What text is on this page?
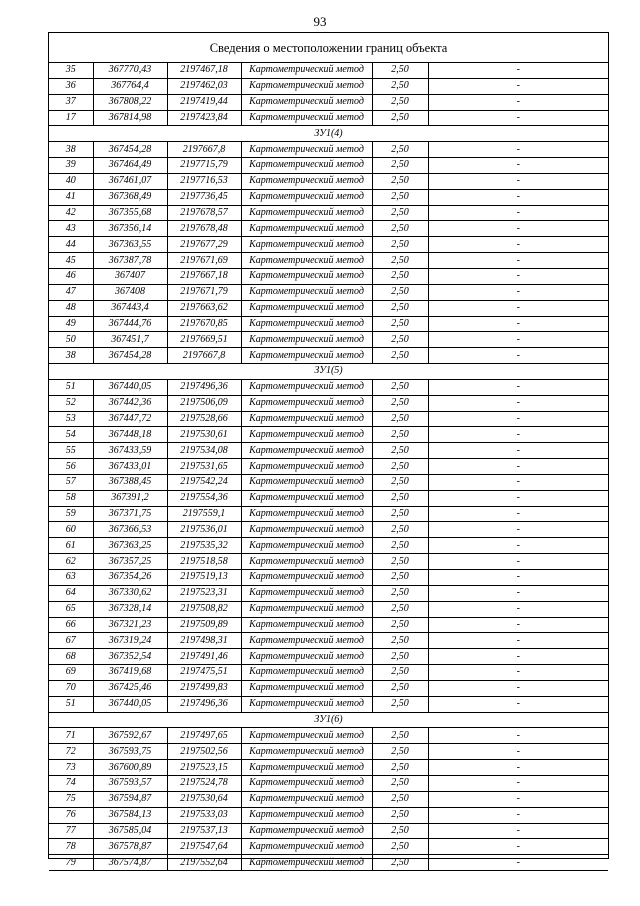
93
Сведения о местоположении границ объекта
35	367770,43	2197467,18	Картометрический метод	2,50	-
36	367764,4	2197462,03	Картометрический метод	2,50	-
37	367808,22	2197419,44	Картометрический метод	2,50	-
17	367814,98	2197423,84	Картометрический метод	2,50	-
ЗУ1(4)					
38	367454,28	2197667,8	Картометрический метод	2,50	-
39	367464,49	2197715,79	Картометрический метод	2,50	-
40	367461,07	2197716,53	Картометрический метод	2,50	-
41	367368,49	2197736,45	Картометрический метод	2,50	-
42	367355,68	2197678,57	Картометрический метод	2,50	-
43	367356,14	2197678,48	Картометрический метод	2,50	-
44	367363,55	2197677,29	Картометрический метод	2,50	-
45	367387,78	2197671,69	Картометрический метод	2,50	-
46	367407	2197667,18	Картометрический метод	2,50	-
47	367408	2197671,79	Картометрический метод	2,50	-
48	367443,4	2197663,62	Картометрический метод	2,50	-
49	367444,76	2197670,85	Картометрический метод	2,50	-
50	367451,7	2197669,51	Картометрический метод	2,50	-
38	367454,28	2197667,8	Картометрический метод	2,50	-
ЗУ1(5)					
51	367440,05	2197496,36	Картометрический метод	2,50	-
52	367442,36	2197506,09	Картометрический метод	2,50	-
53	367447,72	2197528,66	Картометрический метод	2,50	-
54	367448,18	2197530,61	Картометрический метод	2,50	-
55	367433,59	2197534,08	Картометрический метод	2,50	-
56	367433,01	2197531,65	Картометрический метод	2,50	-
57	367388,45	2197542,24	Картометрический метод	2,50	-
58	367391,2	2197554,36	Картометрический метод	2,50	-
59	367371,75	2197559,1	Картометрический метод	2,50	-
60	367366,53	2197536,01	Картометрический метод	2,50	-
61	367363,25	2197535,32	Картометрический метод	2,50	-
62	367357,25	2197518,58	Картометрический метод	2,50	-
63	367354,26	2197519,13	Картометрический метод	2,50	-
64	367330,62	2197523,31	Картометрический метод	2,50	-
65	367328,14	2197508,82	Картометрический метод	2,50	-
66	367321,23	2197509,89	Картометрический метод	2,50	-
67	367319,24	2197498,31	Картометрический метод	2,50	-
68	367352,54	2197491,46	Картометрический метод	2,50	-
69	367419,68	2197475,51	Картометрический метод	2,50	-
70	367425,46	2197499,83	Картометрический метод	2,50	-
51	367440,05	2197496,36	Картометрический метод	2,50	-
ЗУ1(6)					
71	367592,67	2197497,65	Картометрический метод	2,50	-
72	367593,75	2197502,56	Картометрический метод	2,50	-
73	367600,89	2197523,15	Картометрический метод	2,50	-
74	367593,57	2197524,78	Картометрический метод	2,50	-
75	367594,87	2197530,64	Картометрический метод	2,50	-
76	367584,13	2197533,03	Картометрический метод	2,50	-
77	367585,04	2197537,13	Картометрический метод	2,50	-
78	367578,87	2197547,64	Картометрический метод	2,50	-
79	367574,87	2197552,64	Картометрический метод	2,50	-
